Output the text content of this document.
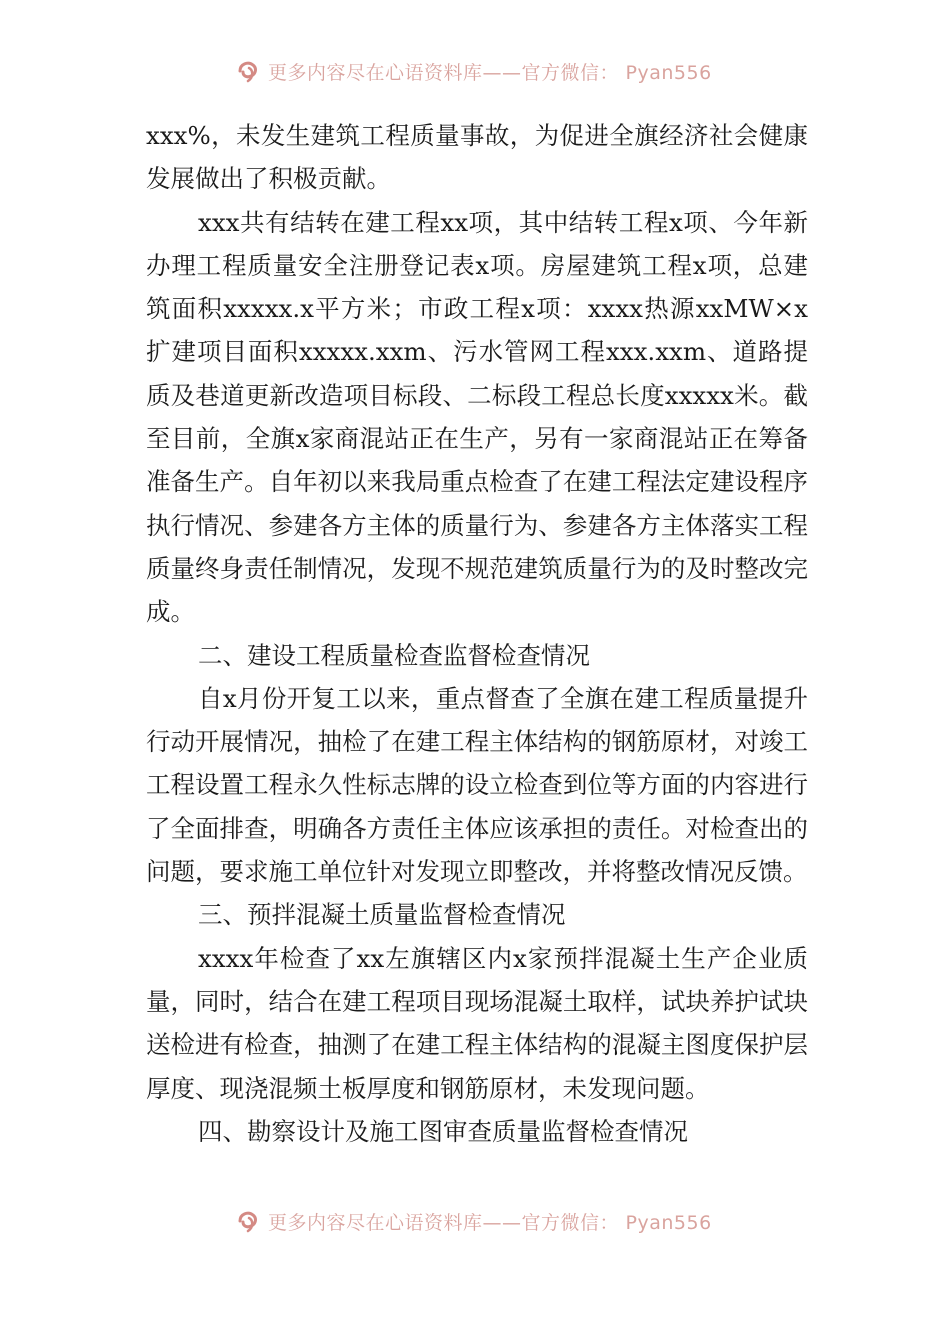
更多内容尽在心语资料库——官方微信： Pyan556

xxx%，未发生建筑工程质量事故，为促进全旗经济社会健康发展做出了积极贡献。

xxx共有结转在建工程xx项，其中结转工程x项、今年新办理工程质量安全注册登记表x项。房屋建筑工程x项，总建筑面积xxxxx.x平方米；市政工程x项：xxxx热源xxMW×x扩建项目面积xxxxx.xxm、污水管网工程xxx.xxm、道路提质及巷道更新改造项目标段、二标段工程总长度xxxxx米。截至目前，全旗x家商混站正在生产，另有一家商混站正在筹备准备生产。自年初以来我局重点检查了在建工程法定建设程序执行情况、参建各方主体的质量行为、参建各方主体落实工程质量终身责任制情况，发现不规范建筑质量行为的及时整改完成。

二、建设工程质量检查监督检查情况

自x月份开复工以来，重点督查了全旗在建工程质量提升行动开展情况，抽检了在建工程主体结构的钢筋原材，对竣工工程设置工程永久性标志牌的设立检查到位等方面的内容进行了全面排查，明确各方责任主体应该承担的责任。对检查出的问题，要求施工单位针对发现立即整改，并将整改情况反馈。

三、预拌混凝土质量监督检查情况

xxxx年检查了xx左旗辖区内x家预拌混凝土生产企业质量，同时，结合在建工程项目现场混凝土取样，试块养护试块送检进有检查，抽测了在建工程主体结构的混凝主图度保护层厚度、现浇混频土板厚度和钢筋原材，未发现问题。

四、勘察设计及施工图审查质量监督检查情况

更多内容尽在心语资料库——官方微信： Pyan556
